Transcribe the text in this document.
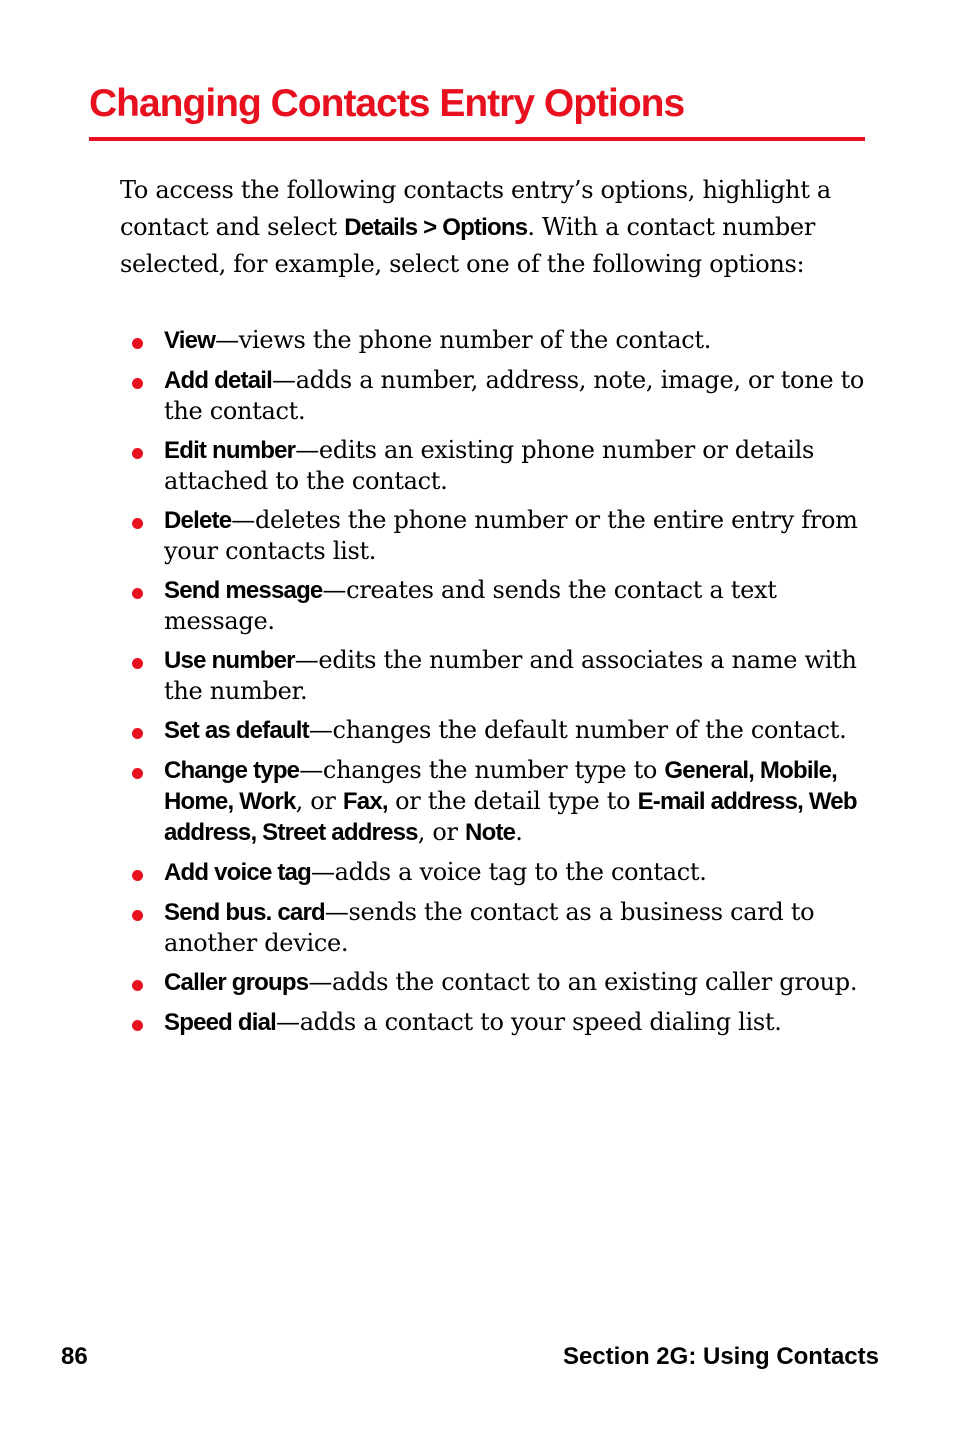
Changing Contacts Entry Options

To access the following contacts entry’s options, highlight a contact and select Details > Options. With a contact number selected, for example, select one of the following options:

View—views the phone number of the contact.
Add detail—adds a number, address, note, image, or tone to the contact.
Edit number—edits an existing phone number or details attached to the contact.
Delete—deletes the phone number or the entire entry from your contacts list.
Send message—creates and sends the contact a text message.
Use number—edits the number and associates a name with the number.
Set as default—changes the default number of the contact.
Change type—changes the number type to General, Mobile, Home, Work, or Fax, or the detail type to E-mail address, Web address, Street address, or Note.
Add voice tag—adds a voice tag to the contact.
Send bus. card—sends the contact as a business card to another device.
Caller groups—adds the contact to an existing caller group.
Speed dial—adds a contact to your speed dialing list.
86	Section 2G: Using Contacts
